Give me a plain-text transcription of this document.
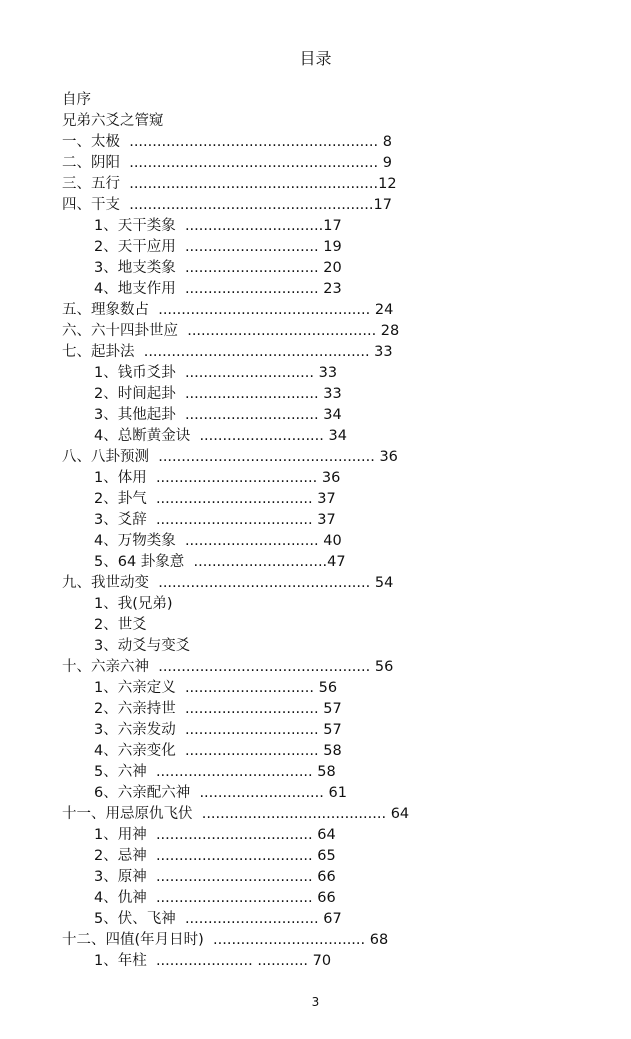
目录
自序
兄弟六爻之管窥
一、太极  ...................................................... 8
二、阴阳  ...................................................... 9
三、五行  ......................................................12
四、干支  .....................................................17
1、天干类象  ..............................17
2、天干应用  ............................. 19
3、地支类象  ............................. 20
4、地支作用  ............................. 23
五、理象数占  .............................................. 24
六、六十四卦世应  ......................................... 28
七、起卦法  ................................................. 33
1、钱币爻卦  ............................ 33
2、时间起卦  ............................. 33
3、其他起卦  ............................. 34
4、总断黄金诀  ........................... 34
八、八卦预测  ............................................... 36
1、体用  ................................... 36
2、卦气  .................................. 37
3、爻辞  .................................. 37
4、万物类象  ............................. 40
5、64 卦象意  .............................47
九、我世动变  .............................................. 54
1、我(兄弟)
2、世爻
3、动爻与变爻
十、六亲六神  .............................................. 56
1、六亲定义  ............................ 56
2、六亲持世  ............................. 57
3、六亲发动  ............................. 57
4、六亲变化  ............................. 58
5、六神  .................................. 58
6、六亲配六神  ........................... 61
十一、用忌原仇飞伏  ........................................ 64
1、用神  .................................. 64
2、忌神  .................................. 65
3、原神  .................................. 66
4、仇神  .................................. 66
5、伏、飞神  ............................. 67
十二、四值(年月日时)  ................................. 68
1、年柱  ..................... ........... 70
3
